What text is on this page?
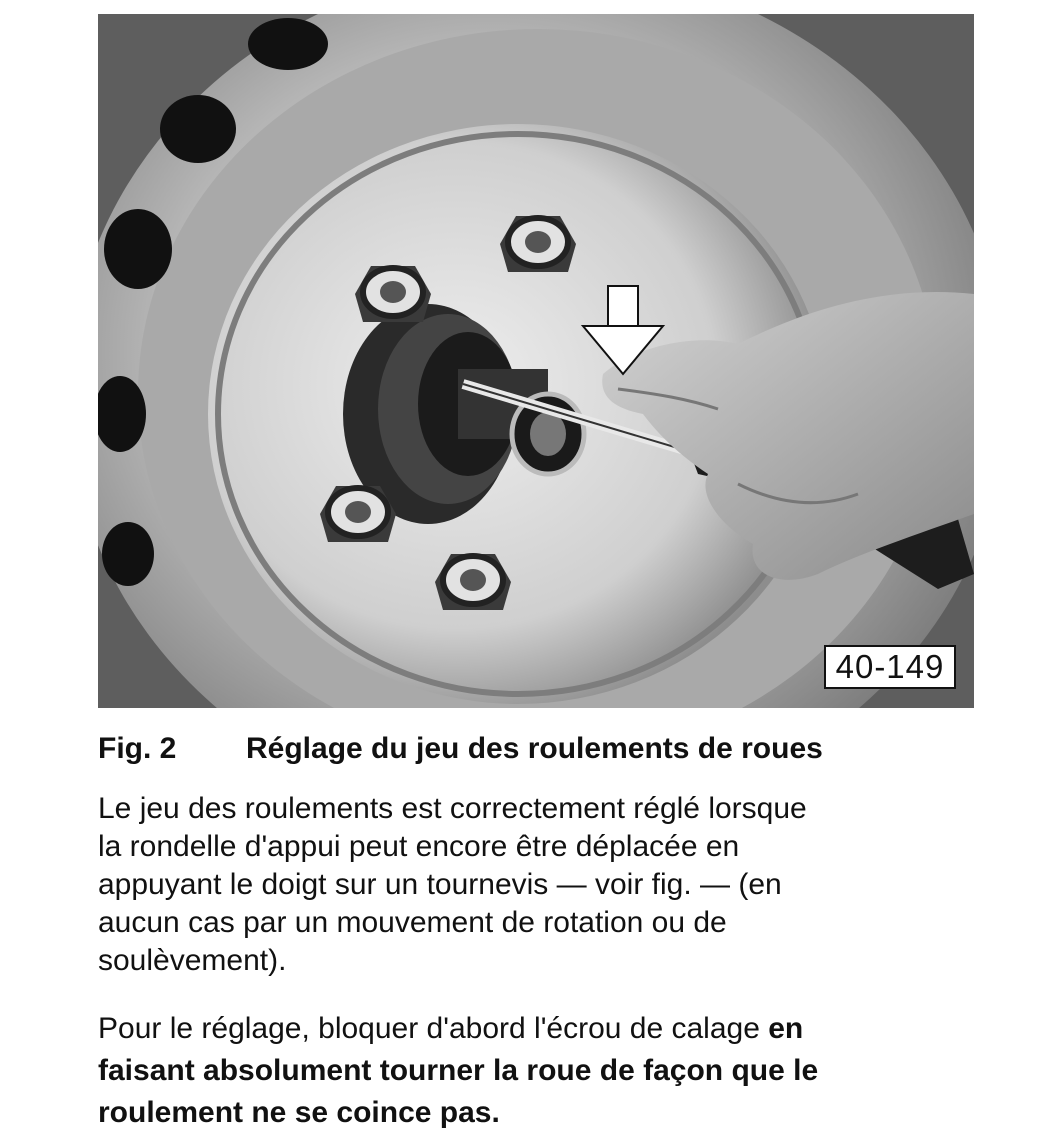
40-149
Fig. 2 Réglage du jeu des roulements de roues
Le jeu des roulements est correctement réglé lorsque
la rondelle d'appui peut encore être déplacée en
appuyant le doigt sur un tournevis — voir fig. — (en
aucun cas par un mouvement de rotation ou de
soulèvement).
Pour le réglage, bloquer d'abord l'écrou de calage en
faisant absolument tourner la roue de façon que le
roulement ne se coince pas.
